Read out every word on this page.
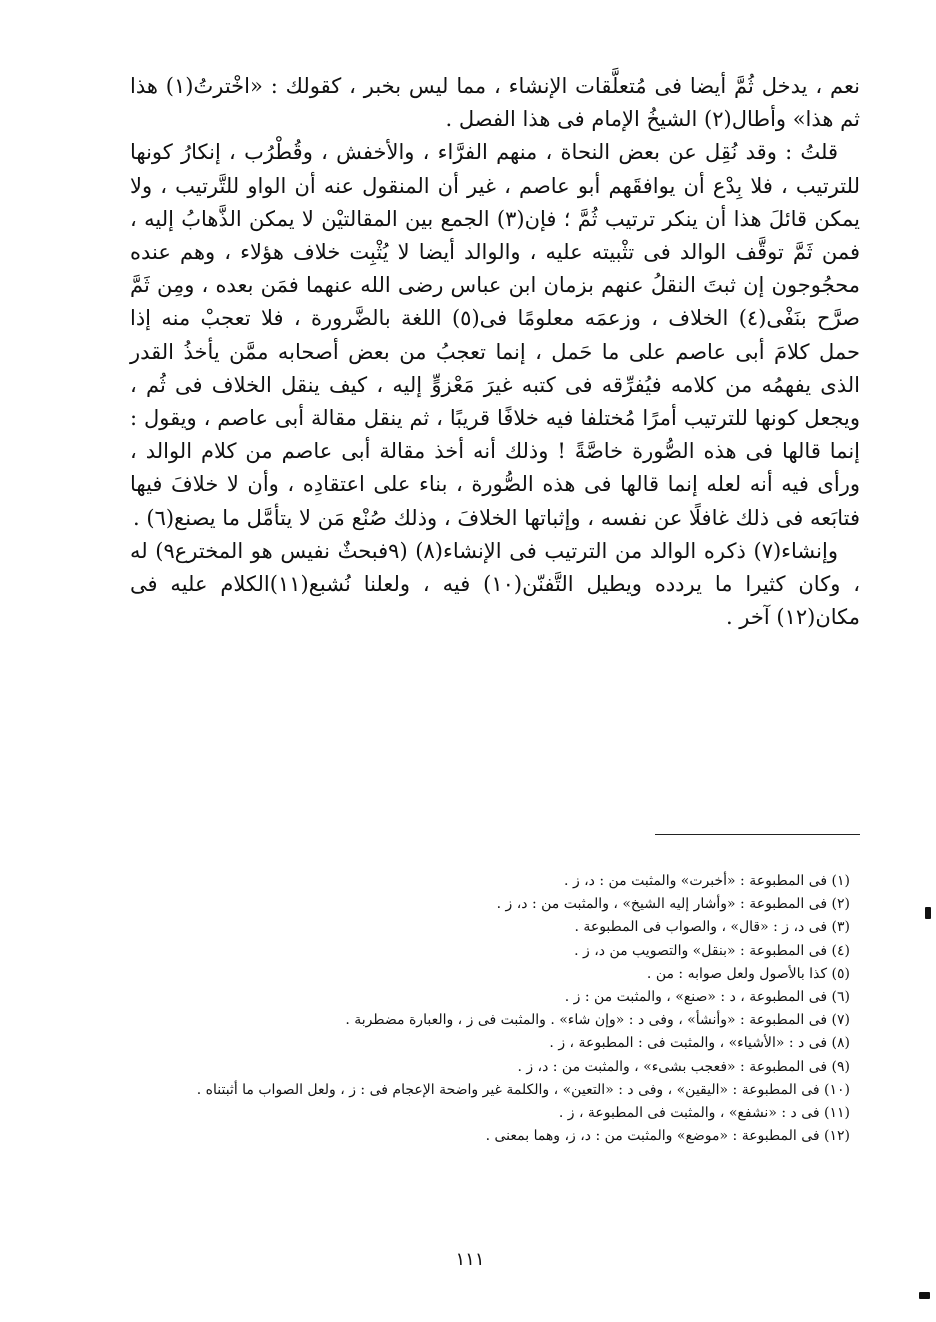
نعم ، يدخل ثُمَّ أيضا فى مُتعلَّقات الإنشاء ، مما ليس بخبر ، كقولك : «اخْترتُ(١) هذا ثم هذا» وأطال(٢) الشيخُ الإمام فى هذا الفصل .

قلتُ : وقد نُقِل عن بعض النحاة ، منهم الفرَّاء ، والأخفش ، وقُطْرُب ، إنكارُ كونها للترتيب ، فلا بِدْع أن يوافقَهم أبو عاصم ، غير أن المنقول عنه أن الواو للتَّرتيب ، ولا يمكن قائلَ هذا أن ينكر ترتيب ثُمَّ ؛ فإن(٣) الجمع بين المقالتيْن لا يمكن الذَّهابُ إليه ، فمن ثَمَّ توقَّف الوالد فى تثْبيته عليه ، والوالد أيضا لا يُثْبِت خلاف هؤلاء ، وهم عنده محجُوجون إن ثبتَ النقلُ عنهم بزمان ابن عباس رضى الله عنهما فمَن بعده ، ومِن ثَمَّ صرَّح بنَفْى(٤) الخلاف ، وزعمَه معلومًا فى(٥) اللغة بالضَّرورة ، فلا تعجبْ منه إذا حمل كلامَ أبى عاصم على ما حَمل ، إنما تعجبُ من بعض أصحابه ممَّن يأخذُ القدر الذى يفهمُه من كلامه فيُفرِّقه فى كتبه غيرَ مَعْزوٍّ إليه ، كيف ينقل الخلاف فى ثُم ، ويجعل كونها للترتيب أمرًا مُختلفا فيه خلافًا قريبًا ، ثم ينقل مقالة أبى عاصم ، ويقول : إنما قالها فى هذه الصُّورة خاصَّةً ! وذلك أنه أخذ مقالة أبى عاصم من كلام الوالد ، ورأى فيه أنه لعله إنما قالها فى هذه الصُّورة ، بناء على اعتقادِه ، وأن لا خلافَ فيها فتابَعه فى ذلك غافلًا عن نفسه ، وإثباتها الخلافَ ، وذلك صُنْع مَن لا يتأمَّل ما يصنع(٦) .

وإنشاء(٧) ذكره الوالد من الترتيب فى الإنشاء(٨) (٩فبحثٌ نفيس هو المخترع٩) له ، وكان كثيرا ما يردده ويطيل التَّفنّن(١٠) فيه ، ولعلنا نُشبع(١١)الكلام عليه فى مكان(١٢) آخر .

(١) فى المطبوعة : «أخبرت» والمثبت من : د، ز .
(٢) فى المطبوعة : «وأشار إليه الشيخ» ، والمثبت من : د، ز .
(٣) فى د، ز : «قال» ، والصواب فى المطبوعة .
(٤) فى المطبوعة : «بنقل» والتصويب من د، ز .
(٥) كذا بالأصول ولعل صوابه : من .
(٦) فى المطبوعة ، د : «صنع» ، والمثبت من : ز .
(٧) فى المطبوعة : «وأنشأ» ، وفى د : «وإن شاء» . والمثبت فى ز ، والعبارة مضطربة .
(٨) فى د : «الأشياء» ، والمثبت فى : المطبوعة ، ز .
(٩) فى المطبوعة : «فعجب بشىء» ، والمثبت من : د، ز .
(١٠) فى المطبوعة : «اليقين» ، وفى د : «التعين» ، والكلمة غير واضحة الإعجام فى : ز ، ولعل الصواب ما أثبتناه .
(١١) فى د : «نشفع» ، والمثبت فى المطبوعة ، ز .
(١٢) فى المطبوعة : «موضع» والمثبت من : د، ز، وهما بمعنى .
١١١
